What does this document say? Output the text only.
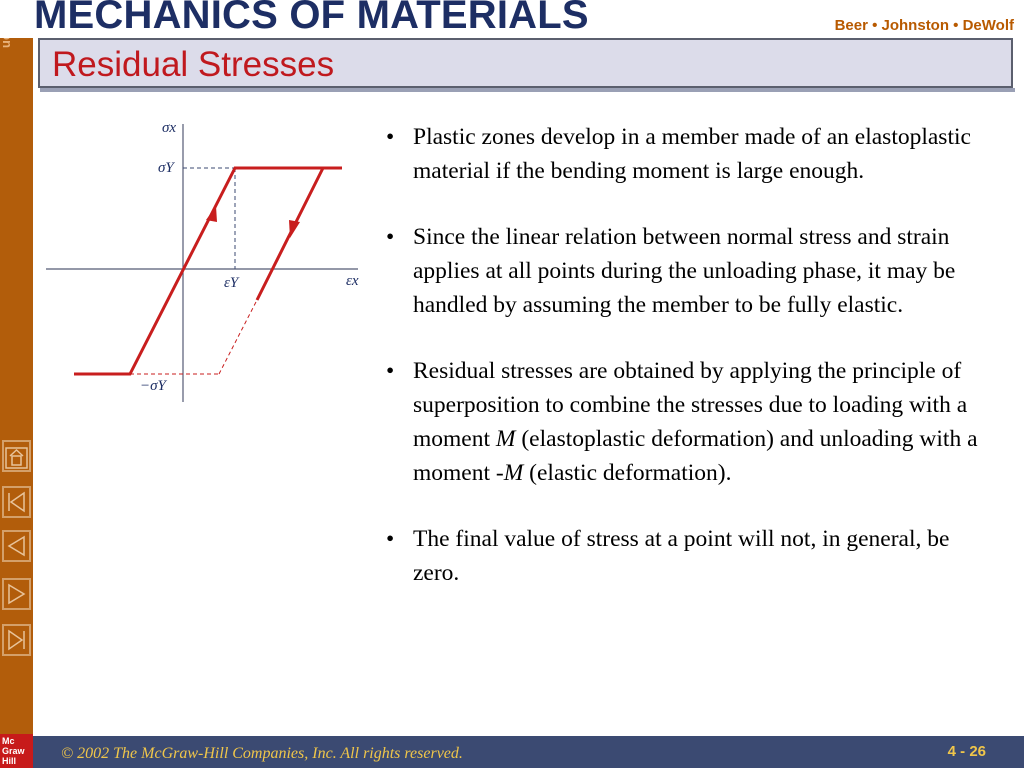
Mc
Graw
Hill
MECHANICS OF MATERIALS	Beer • Johnston • DeWolf
Residual Stresses
σx
σY
εY	εx
−σY
• Plastic zones develop in a member made of an elastoplastic material if the bending moment is large enough.
• Since the linear relation between normal stress and strain applies at all points during the unloading phase, it may be handled by assuming the member to be fully elastic.
• Residual stresses are obtained by applying the principle of superposition to combine the stresses due to loading with a moment M (elastoplastic deformation) and unloading with a moment -M (elastic deformation).
• The final value of stress at a point will not, in general, be zero.
© 2002 The McGraw-Hill Companies, Inc. All rights reserved.	4 - 26
